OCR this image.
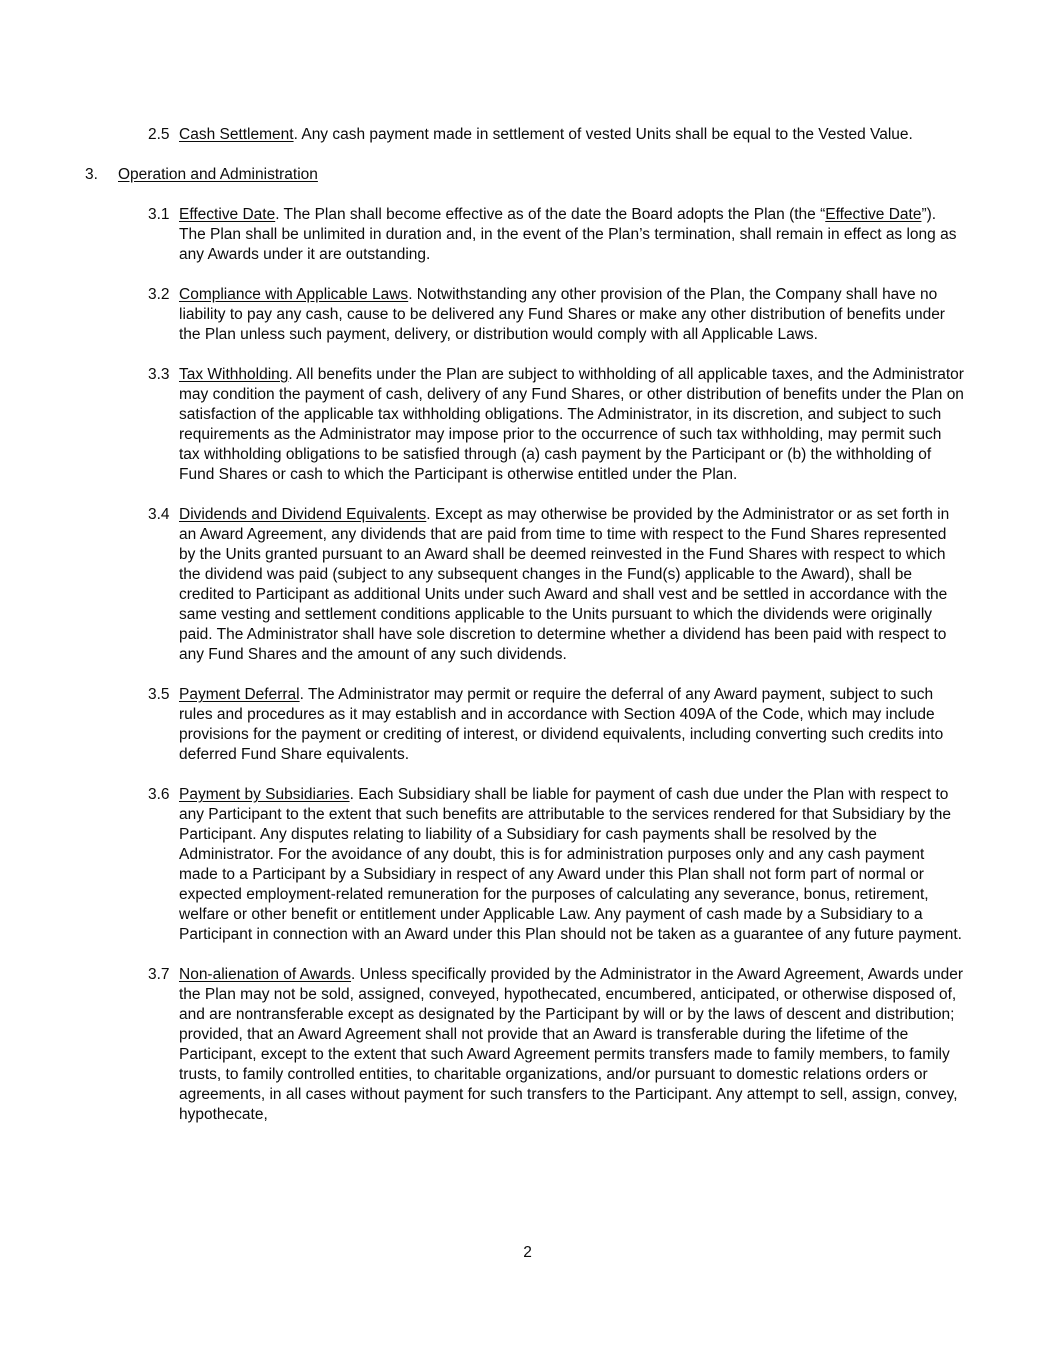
2.5 Cash Settlement. Any cash payment made in settlement of vested Units shall be equal to the Vested Value.
3.	Operation and Administration
3.1 Effective Date. The Plan shall become effective as of the date the Board adopts the Plan (the “Effective Date”). The Plan shall be unlimited in duration and, in the event of the Plan’s termination, shall remain in effect as long as any Awards under it are outstanding.
3.2 Compliance with Applicable Laws. Notwithstanding any other provision of the Plan, the Company shall have no liability to pay any cash, cause to be delivered any Fund Shares or make any other distribution of benefits under the Plan unless such payment, delivery, or distribution would comply with all Applicable Laws.
3.3 Tax Withholding. All benefits under the Plan are subject to withholding of all applicable taxes, and the Administrator may condition the payment of cash, delivery of any Fund Shares, or other distribution of benefits under the Plan on satisfaction of the applicable tax withholding obligations. The Administrator, in its discretion, and subject to such requirements as the Administrator may impose prior to the occurrence of such tax withholding, may permit such tax withholding obligations to be satisfied through (a) cash payment by the Participant or (b) the withholding of Fund Shares or cash to which the Participant is otherwise entitled under the Plan.
3.4 Dividends and Dividend Equivalents. Except as may otherwise be provided by the Administrator or as set forth in an Award Agreement, any dividends that are paid from time to time with respect to the Fund Shares represented by the Units granted pursuant to an Award shall be deemed reinvested in the Fund Shares with respect to which the dividend was paid (subject to any subsequent changes in the Fund(s) applicable to the Award), shall be credited to Participant as additional Units under such Award and shall vest and be settled in accordance with the same vesting and settlement conditions applicable to the Units pursuant to which the dividends were originally paid. The Administrator shall have sole discretion to determine whether a dividend has been paid with respect to any Fund Shares and the amount of any such dividends.
3.5 Payment Deferral. The Administrator may permit or require the deferral of any Award payment, subject to such rules and procedures as it may establish and in accordance with Section 409A of the Code, which may include provisions for the payment or crediting of interest, or dividend equivalents, including converting such credits into deferred Fund Share equivalents.
3.6 Payment by Subsidiaries. Each Subsidiary shall be liable for payment of cash due under the Plan with respect to any Participant to the extent that such benefits are attributable to the services rendered for that Subsidiary by the Participant. Any disputes relating to liability of a Subsidiary for cash payments shall be resolved by the Administrator. For the avoidance of any doubt, this is for administration purposes only and any cash payment made to a Participant by a Subsidiary in respect of any Award under this Plan shall not form part of normal or expected employment-related remuneration for the purposes of calculating any severance, bonus, retirement, welfare or other benefit or entitlement under Applicable Law. Any payment of cash made by a Subsidiary to a Participant in connection with an Award under this Plan should not be taken as a guarantee of any future payment.
3.7 Non-alienation of Awards. Unless specifically provided by the Administrator in the Award Agreement, Awards under the Plan may not be sold, assigned, conveyed, hypothecated, encumbered, anticipated, or otherwise disposed of, and are nontransferable except as designated by the Participant by will or by the laws of descent and distribution; provided, that an Award Agreement shall not provide that an Award is transferable during the lifetime of the Participant, except to the extent that such Award Agreement permits transfers made to family members, to family trusts, to family controlled entities, to charitable organizations, and/or pursuant to domestic relations orders or agreements, in all cases without payment for such transfers to the Participant. Any attempt to sell, assign, convey, hypothecate,
2
